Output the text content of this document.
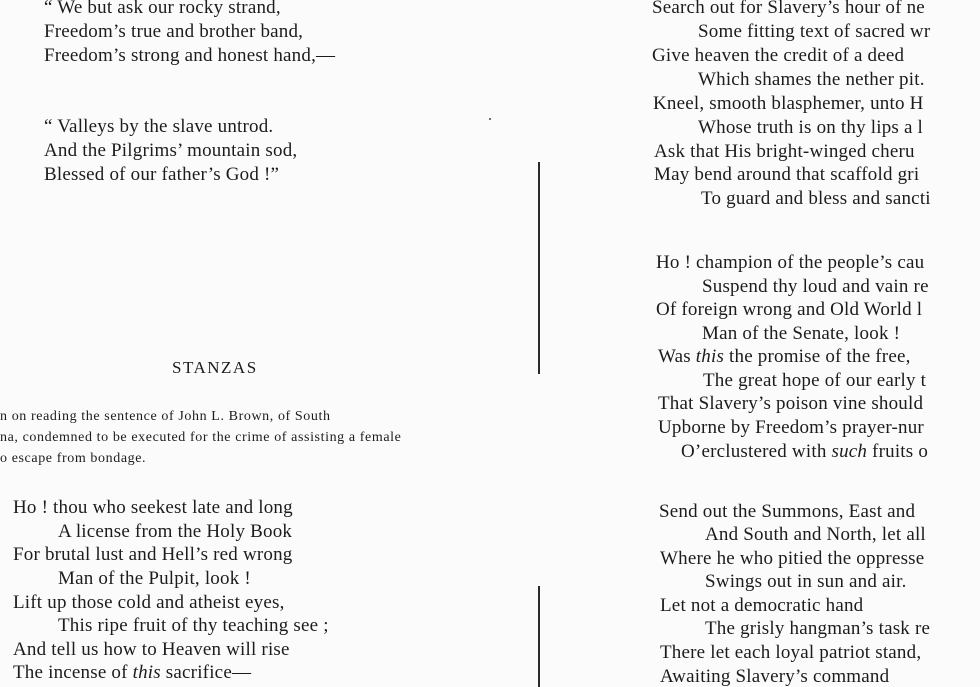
“ We but ask our rocky strand,
Freedom’s true and brother band,
Freedom’s strong and honest hand,—
“ Valleys by the slave untrod.
And the Pilgrims’ mountain sod,
Blessed of our father’s God !”
STANZAS
n on reading the sentence of John L. Brown, of South
na, condemned to be executed for the crime of assisting a female
o escape from bondage.
Ho ! thou who seekest late and long
A license from the Holy Book
For brutal lust and Hell’s red wrong
Man of the Pulpit, look !
Lift up those cold and atheist eyes,
This ripe fruit of thy teaching see ;
And tell us how to Heaven will rise
The incense of this sacrifice—
Search out for Slavery’s hour of ne
Some fitting text of sacred wr
Give heaven the credit of a deed
Which shames the nether pit.
Kneel, smooth blasphemer, unto H
Whose truth is on thy lips a l
Ask that His bright-winged cheru
May bend around that scaffold gri
To guard and bless and sancti
Ho ! champion of the people’s cau
Suspend thy loud and vain re
Of foreign wrong and Old World l
Man of the Senate, look !
Was this the promise of the free,
The great hope of our early t
That Slavery’s poison vine should
Upborne by Freedom’s prayer-nur
O’erclustered with such fruits o
Send out the Summons, East and
And South and North, let all
Where he who pitied the oppresse
Swings out in sun and air.
Let not a democratic hand
The grisly hangman’s task re
There let each loyal patriot stand,
Awaiting Slavery’s command
